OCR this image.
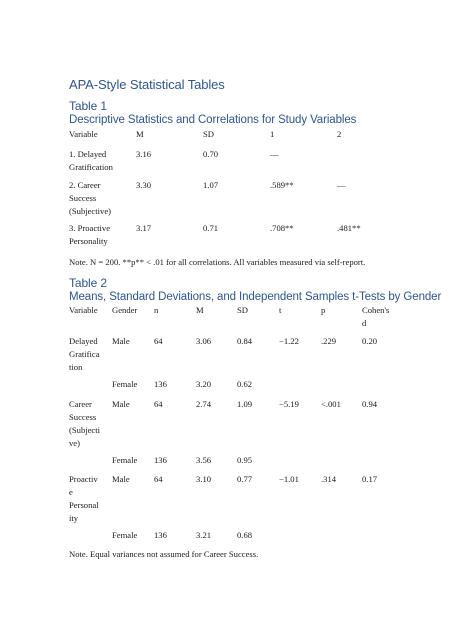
APA-Style Statistical Tables
Table 1
Descriptive Statistics and Correlations for Study Variables
Variable	M	SD	1	2
1. Delayed
Gratification
3.16	0.70	—
2. Career
Success
(Subjective)
3.30	1.07	.589**	—
3. Proactive
Personality
3.17	0.71	.708**	.481**
Note. N = 200. **p** < .01 for all correlations. All variables measured via self-report.
Table 2
Means, Standard Deviations, and Independent Samples t-Tests by Gender
Variable Gender n	M	SD	t	p	Cohen's
d
Delayed
Gratifica
tion
Male	64	3.06	0.84	−1.22	.229	0.20
Female 136	3.20	0.62
Career
Success
(Subjecti
ve)
Male	64	2.74	1.09	−5.19	<.001 0.94
Female 136	3.56	0.95
Proactiv
e
Personal
ity
Male	64	3.10	0.77	−1.01	.314	0.17
Female 136	3.21	0.68
Note. Equal variances not assumed for Career Success.
